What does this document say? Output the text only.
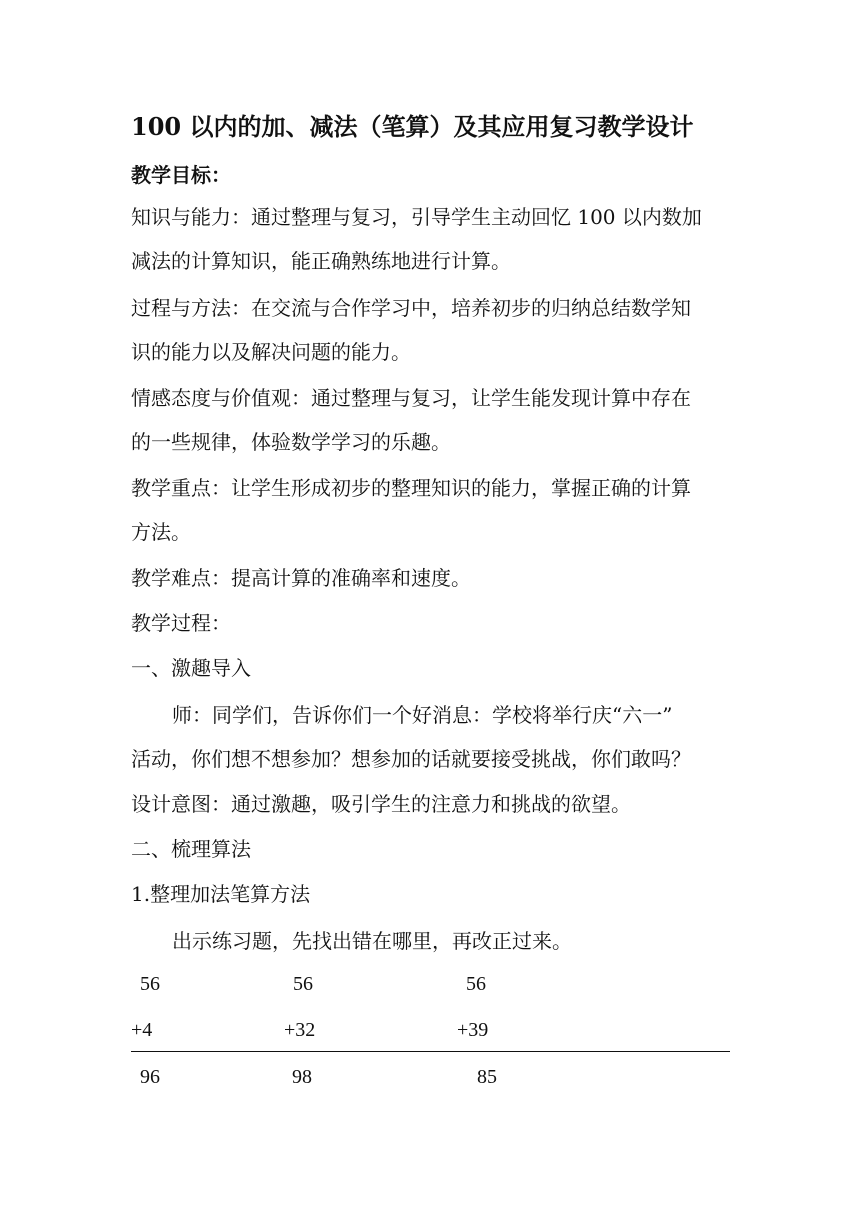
100 以内的加、减法（笔算）及其应用复习教学设计
教学目标：
知识与能力：通过整理与复习，引导学生主动回忆 100 以内数加
减法的计算知识，能正确熟练地进行计算。
过程与方法：在交流与合作学习中，培养初步的归纳总结数学知
识的能力以及解决问题的能力。
情感态度与价值观：通过整理与复习，让学生能发现计算中存在
的一些规律，体验数学学习的乐趣。
教学重点：让学生形成初步的整理知识的能力，掌握正确的计算
方法。
教学难点：提高计算的准确率和速度。
教学过程：
一、激趣导入
师：同学们，告诉你们一个好消息：学校将举行庆“六一”
活动，你们想不想参加？想参加的话就要接受挑战，你们敢吗？
设计意图：通过激趣，吸引学生的注意力和挑战的欲望。
二、梳理算法
1.整理加法笔算方法
出示练习题，先找出错在哪里，再改正过来。
56
+4
96
56
+32
98
56
+39
85
